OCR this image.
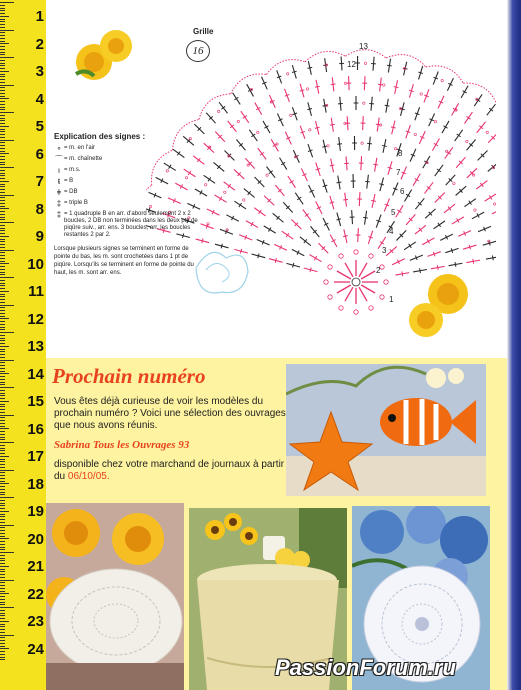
1
2
3
4
5
6
7
8
9
10
11
12
13
14
15
16
17
18
19
20
21
22
23
24
Grille
16	13
12
8
7
6
5
4
3
2
1
Explication des signes :
∘ = m. en l'air
⌒ = m. chaînette
ı = m.s.
ŧ = B
ǂ = DB
‡ = triple B
‡ = 1 quadruple B en arr. d'abord seulement 2 x 2 boucles, 2 DB non terminées dans les deux pts de piqûre suiv., arr. ens. 3 boucles, arr. les boucles restantes 2 par 2.
Lorsque plusieurs signes se terminent en forme de pointe du bas, les m. sont crochetées dans 1 pt de piqûre. Lorsqu'ils se terminent en forme de pointe du haut, les m. sont arr. ens.
Prochain numéro
Vous êtes déjà curieuse de voir les modèles du prochain numéro ? Voici une sélection des ouvrages que nous avons réunis.
Sabrina Tous les Ouvrages 93
disponible chez votre marchand de journaux à partir du 06/10/05.
PassionForum.ru
